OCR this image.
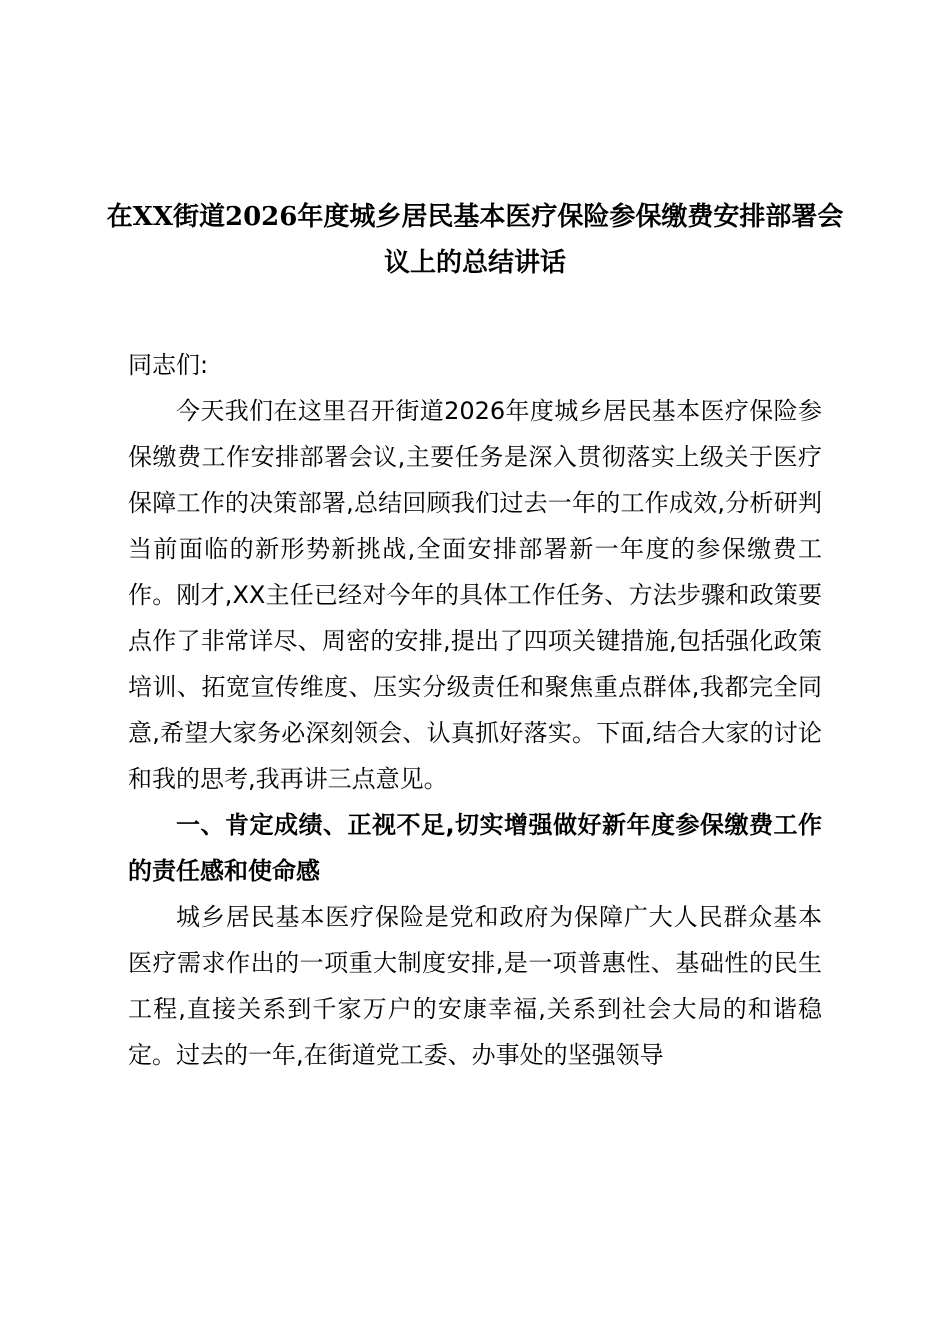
在XX街道2026年度城乡居民基本医疗保险参保缴费安排部署会议上的总结讲话

同志们:

今天我们在这里召开街道2026年度城乡居民基本医疗保险参保缴费工作安排部署会议,主要任务是深入贯彻落实上级关于医疗保障工作的决策部署,总结回顾我们过去一年的工作成效,分析研判当前面临的新形势新挑战,全面安排部署新一年度的参保缴费工作。刚才,XX主任已经对今年的具体工作任务、方法步骤和政策要点作了非常详尽、周密的安排,提出了四项关键措施,包括强化政策培训、拓宽宣传维度、压实分级责任和聚焦重点群体,我都完全同意,希望大家务必深刻领会、认真抓好落实。下面,结合大家的讨论和我的思考,我再讲三点意见。

一、肯定成绩、正视不足,切实增强做好新年度参保缴费工作的责任感和使命感

城乡居民基本医疗保险是党和政府为保障广大人民群众基本医疗需求作出的一项重大制度安排,是一项普惠性、基础性的民生工程,直接关系到千家万户的安康幸福,关系到社会大局的和谐稳定。过去的一年,在街道党工委、办事处的坚强领导
